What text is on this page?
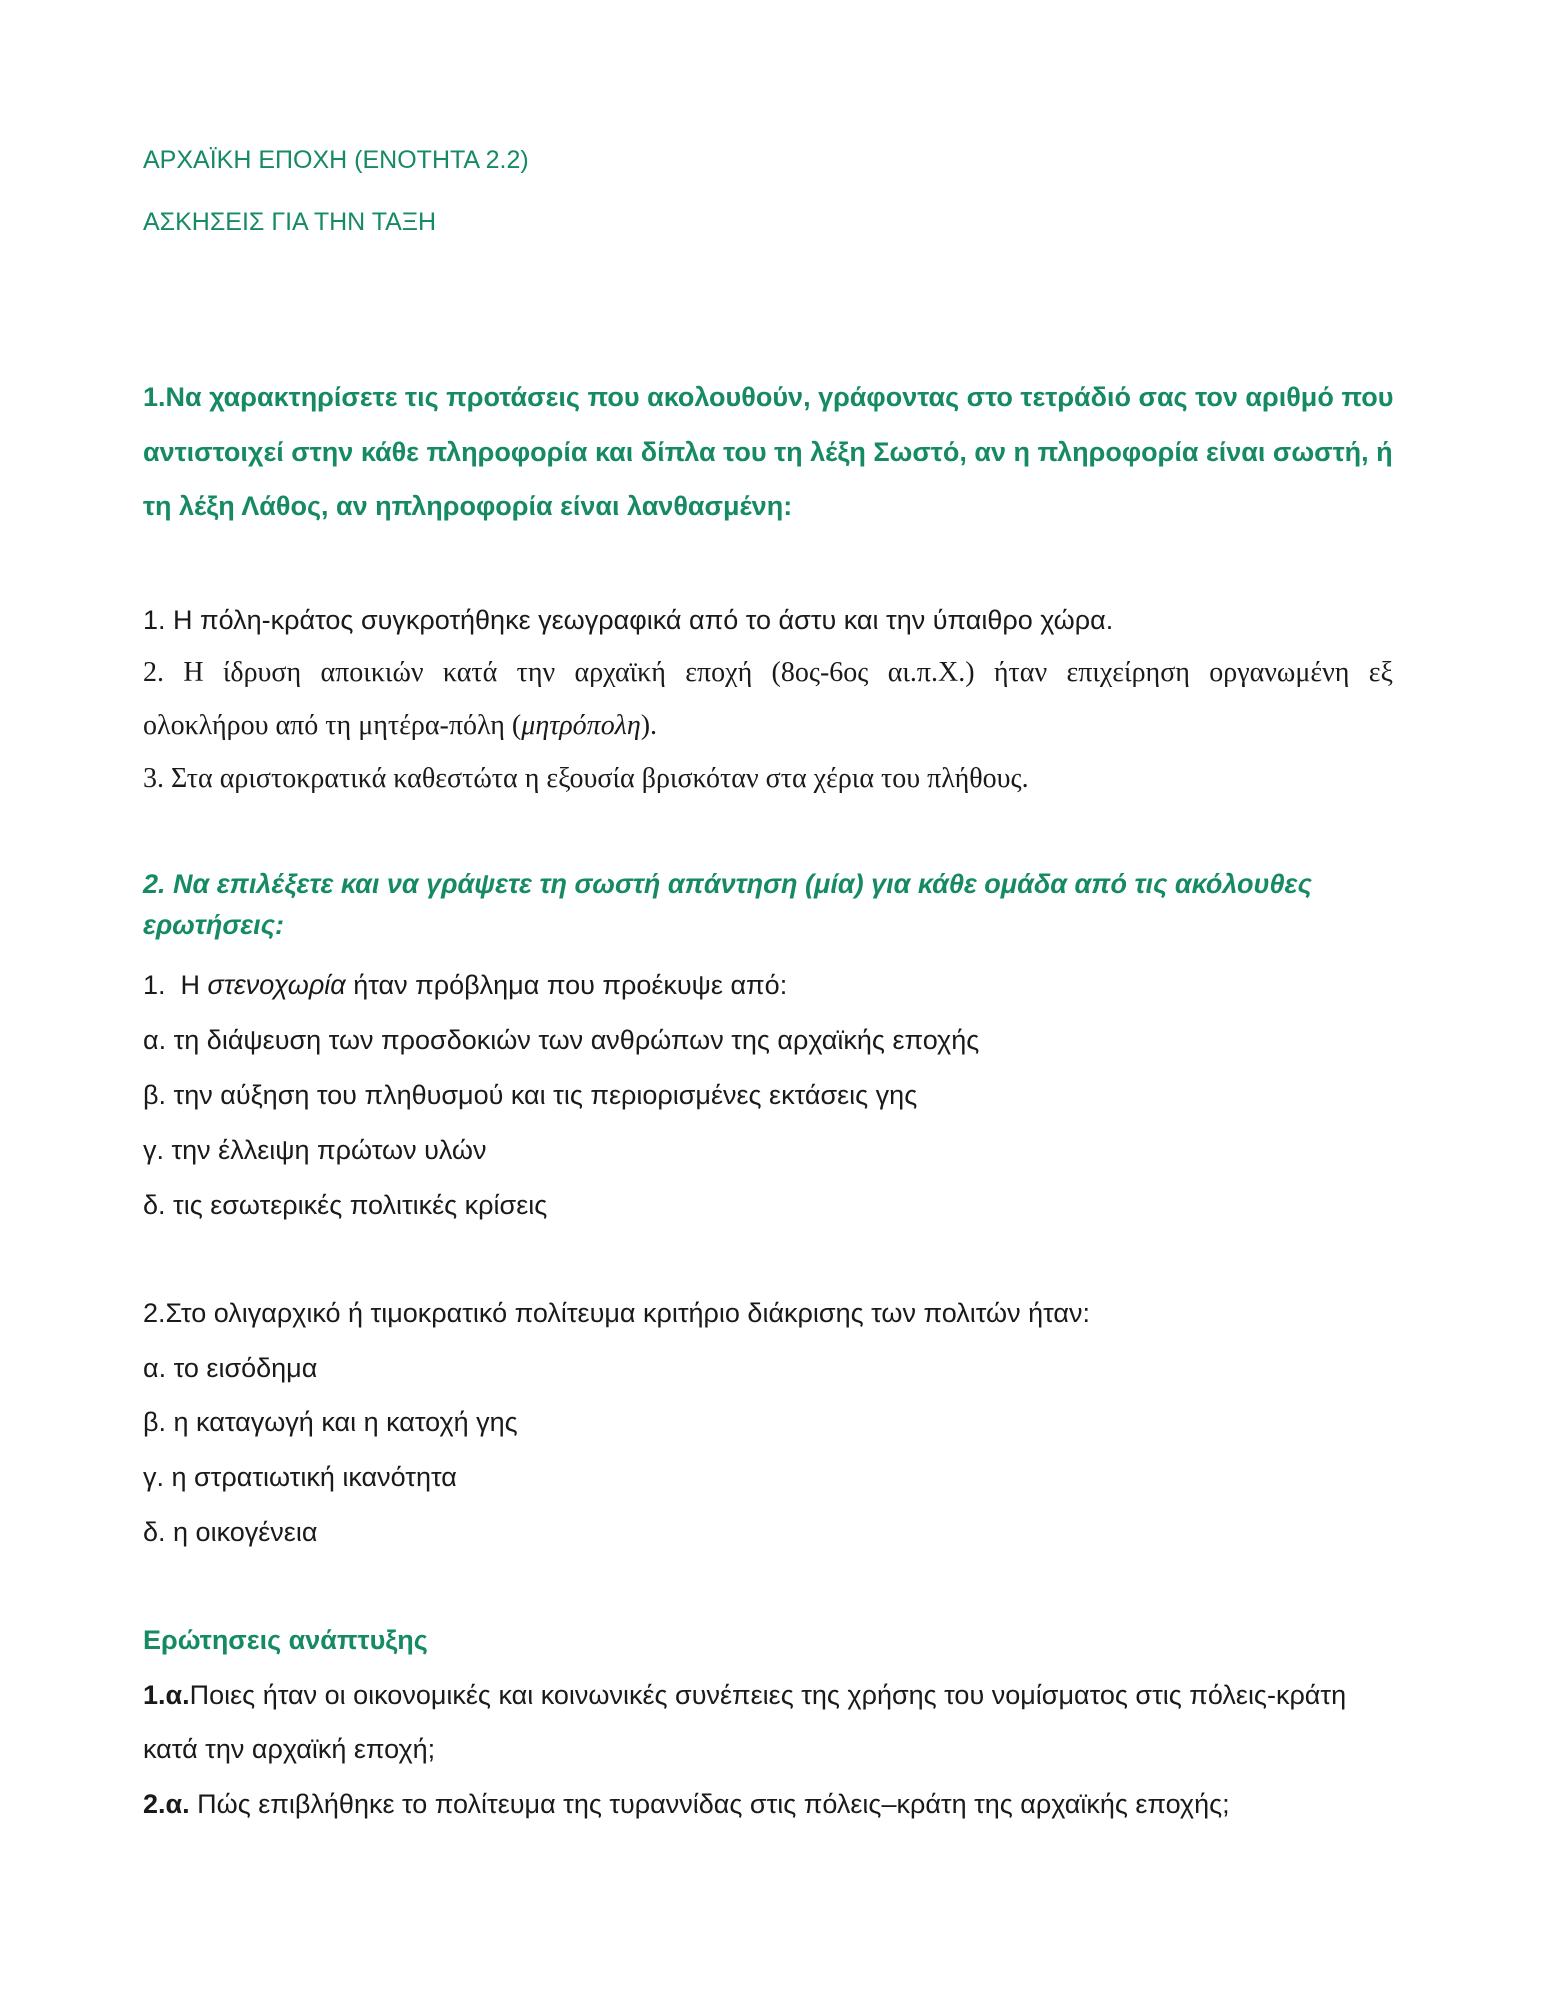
ΑΡΧΑΪΚΗ ΕΠΟΧΗ (ΕΝΟΤΗΤΑ 2.2)
ΑΣΚΗΣΕΙΣ ΓΙΑ ΤΗΝ ΤΑΞΗ
1.Να χαρακτηρίσετε τις προτάσεις που ακολουθούν, γράφοντας στο τετράδιό σας τον αριθμό που
αντιστοιχεί στην κάθε πληροφορία και δίπλα του τη λέξη Σωστό, αν η πληροφορία είναι σωστή, ή
τη λέξη Λάθος, αν ηπληροφορία είναι λανθασμένη:
1. Η πόλη-κράτος συγκροτήθηκε γεωγραφικά από το άστυ και την ύπαιθρο χώρα.
2. Η ίδρυση αποικιών κατά την αρχαϊκή εποχή (8ος-6ος αι.π.Χ.) ήταν επιχείρηση οργανωμένη εξ
ολοκλήρου από τη μητέρα-πόλη (μητρόπολη).
3. Στα αριστοκρατικά καθεστώτα η εξουσία βρισκόταν στα χέρια του πλήθους.
2. Να επιλέξετε και να γράψετε τη σωστή απάντηση (μία) για κάθε ομάδα από τις ακόλουθες
ερωτήσεις:
1.  Η στενοχωρία ήταν πρόβλημα που προέκυψε από:
α. τη διάψευση των προσδοκιών των ανθρώπων της αρχαϊκής εποχής
β. την αύξηση του πληθυσμού και τις περιορισμένες εκτάσεις γης
γ. την έλλειψη πρώτων υλών
δ. τις εσωτερικές πολιτικές κρίσεις
2.Στο ολιγαρχικό ή τιμοκρατικό πολίτευμα κριτήριο διάκρισης των πολιτών ήταν:
α. το εισόδημα
β. η καταγωγή και η κατοχή γης
γ. η στρατιωτική ικανότητα
δ. η οικογένεια
Ερώτησεις ανάπτυξης
1.α.Ποιες ήταν οι οικονομικές και κοινωνικές συνέπειες της χρήσης του νομίσματος στις πόλεις-κράτη
κατά την αρχαϊκή εποχή;
2.α. Πώς επιβλήθηκε το πολίτευμα της τυραννίδας στις πόλεις–κράτη της αρχαϊκής εποχής;
